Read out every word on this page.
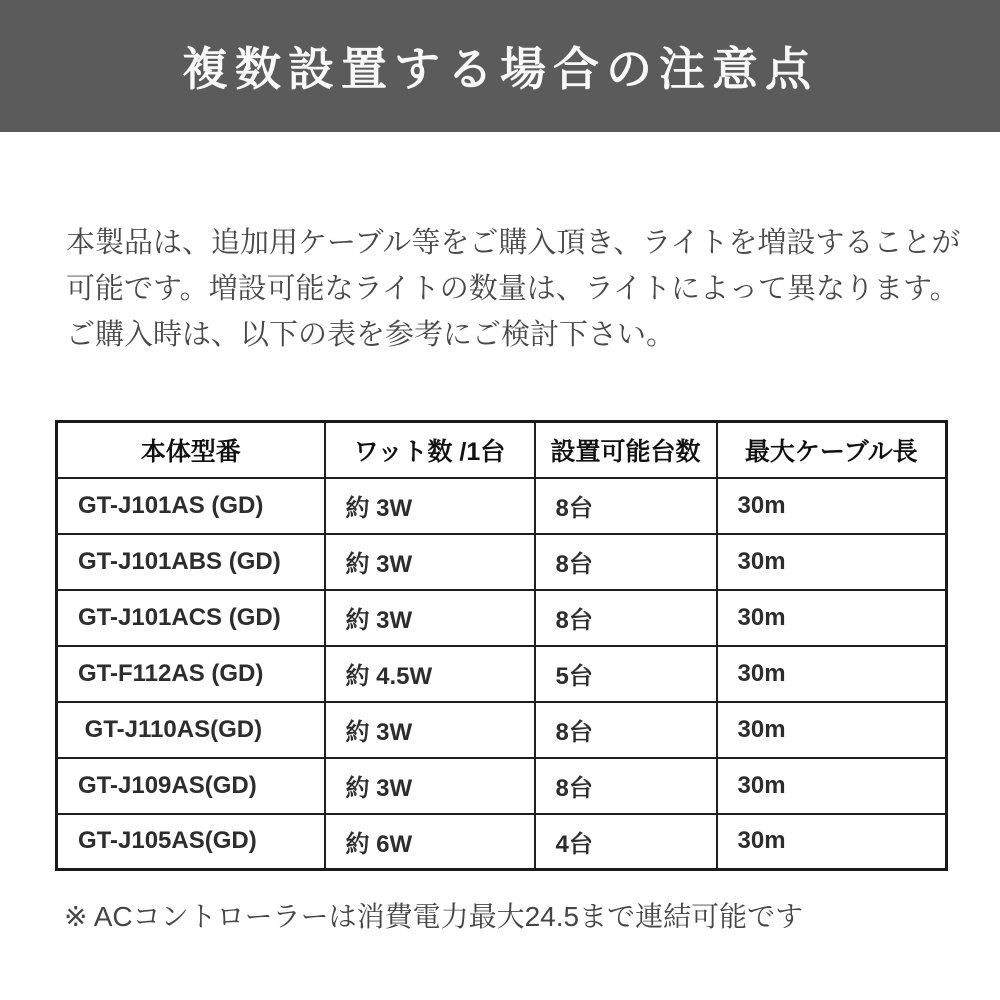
複数設置する場合の注意点

本製品は、追加用ケーブル等をご購入頂き、ライトを増設することが

可能です。増設可能なライトの数量は、ライトによって異なります。

ご購入時は、以下の表を参考にご検討下さい。

本体型番	ワット数 /1台	設置可能台数	最大ケーブル長
GT-J101AS (GD)	約 3W	8台	30m
GT-J101ABS (GD)	約 3W	8台	30m
GT-J101ACS (GD)	約 3W	8台	30m
GT-F112AS (GD)	約 4.5W	5台	30m
GT-J110AS(GD)	約 3W	8台	30m
GT-J109AS(GD)	約 3W	8台	30m
GT-J105AS(GD)	約 6W	4台	30m
※ ACコントローラーは消費電力最大24.5まで連結可能です
